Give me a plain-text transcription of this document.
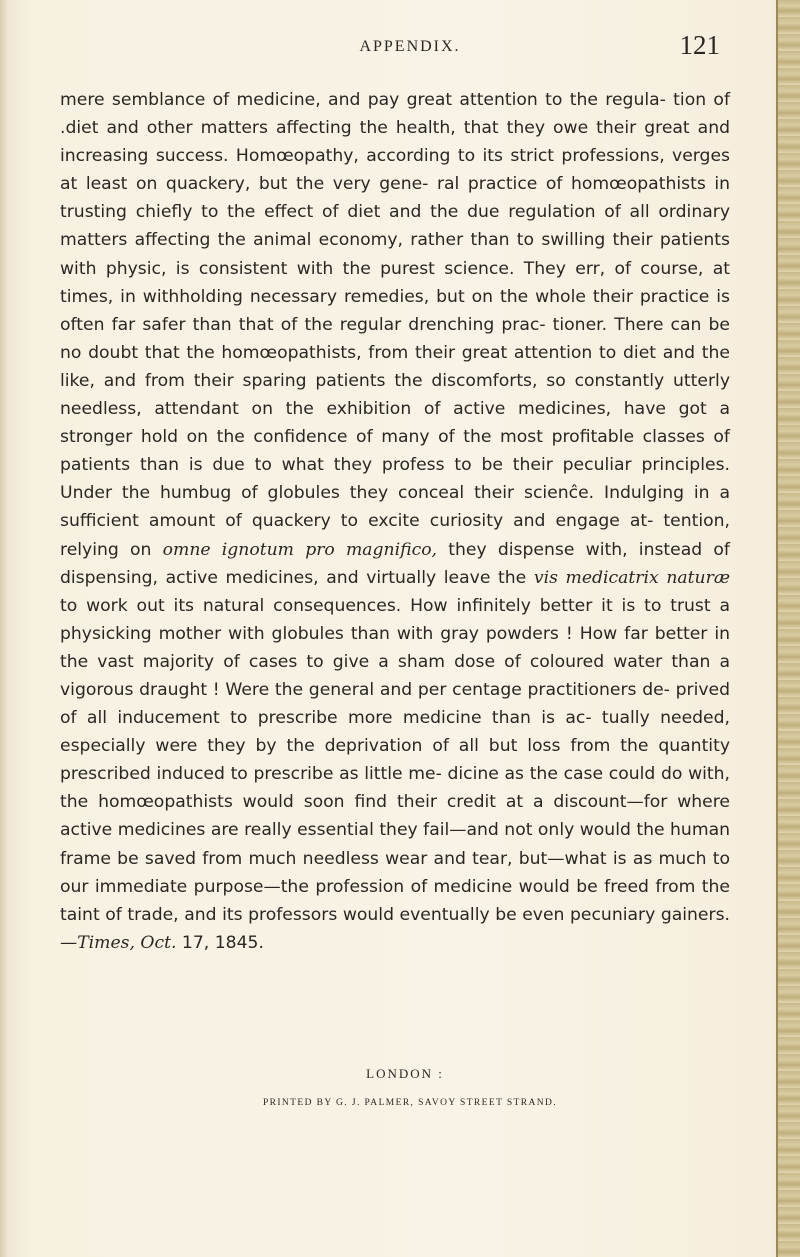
APPENDIX.	121

mere semblance of medicine, and pay great attention to the regula- tion of .diet and other matters affecting the health, that they owe their great and increasing success. Homœopathy, according to its strict professions, verges at least on quackery, but the very gene- ral practice of homœopathists in trusting chiefly to the effect of diet and the due regulation of all ordinary matters affecting the animal economy, rather than to swilling their patients with physic, is consistent with the purest science. They err, of course, at times, in withholding necessary remedies, but on the whole their practice is often far safer than that of the regular drenching prac- tioner. There can be no doubt that the homœopathists, from their great attention to diet and the like, and from their sparing patients the discomforts, so constantly utterly needless, attendant on the exhibition of active medicines, have got a stronger hold on the confidence of many of the most profitable classes of patients than is due to what they profess to be their peculiar principles. Under the humbug of globules they conceal their scienĉe. Indulging in a sufficient amount of quackery to excite curiosity and engage at- tention, relying on omne ignotum pro magnifico, they dispense with, instead of dispensing, active medicines, and virtually leave the vis medicatrix naturæ to work out its natural consequences. How infinitely better it is to trust a physicking mother with globules than with gray powders ! How far better in the vast majority of cases to give a sham dose of coloured water than a vigorous draught ! Were the general and per centage practitioners de- prived of all inducement to prescribe more medicine than is ac- tually needed, especially were they by the deprivation of all but loss from the quantity prescribed induced to prescribe as little me- dicine as the case could do with, the homœopathists would soon find their credit at a discount—for where active medicines are really essential they fail—and not only would the human frame be saved from much needless wear and tear, but—what is as much to our immediate purpose—the profession of medicine would be freed from the taint of trade, and its professors would eventually be even pecuniary gainers.—Times, Oct. 17, 1845.

LONDON :
PRINTED BY G. J. PALMER, SAVOY STREET STRAND.
